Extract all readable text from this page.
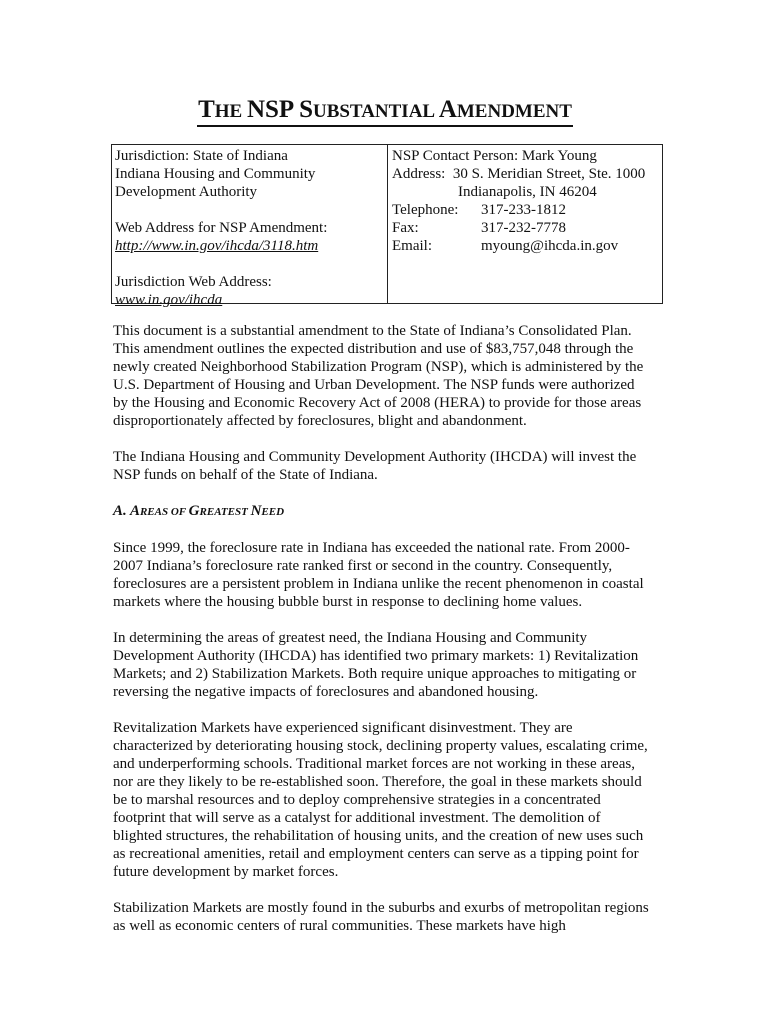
THE NSP SUBSTANTIAL AMENDMENT
Jurisdiction: State of Indiana
Indiana Housing and Community
Development Authority
Web Address for NSP Amendment:
http://www.in.gov/ihcda/3118.htm
Jurisdiction Web Address:
www.in.gov/ihcda
NSP Contact Person: Mark Young
Address: 30 S. Meridian Street, Ste. 1000
Indianapolis, IN 46204
Telephone: 317-233-1812
Fax:	317-232-7778
Email:	myoung@ihcda.in.gov

This document is a substantial amendment to the State of Indiana’s Consolidated Plan.
This amendment outlines the expected distribution and use of $83,757,048 through the
newly created Neighborhood Stabilization Program (NSP), which is administered by the
U.S. Department of Housing and Urban Development. The NSP funds were authorized
by the Housing and Economic Recovery Act of 2008 (HERA) to provide for those areas
disproportionately affected by foreclosures, blight and abandonment.

The Indiana Housing and Community Development Authority (IHCDA) will invest the
NSP funds on behalf of the State of Indiana.

A. AREAS OF GREATEST NEED

Since 1999, the foreclosure rate in Indiana has exceeded the national rate. From 2000-
2007 Indiana’s foreclosure rate ranked first or second in the country. Consequently,
foreclosures are a persistent problem in Indiana unlike the recent phenomenon in coastal
markets where the housing bubble burst in response to declining home values.

In determining the areas of greatest need, the Indiana Housing and Community
Development Authority (IHCDA) has identified two primary markets: 1) Revitalization
Markets; and 2) Stabilization Markets. Both require unique approaches to mitigating or
reversing the negative impacts of foreclosures and abandoned housing.

Revitalization Markets have experienced significant disinvestment. They are
characterized by deteriorating housing stock, declining property values, escalating crime,
and underperforming schools. Traditional market forces are not working in these areas,
nor are they likely to be re-established soon. Therefore, the goal in these markets should
be to marshal resources and to deploy comprehensive strategies in a concentrated
footprint that will serve as a catalyst for additional investment. The demolition of
blighted structures, the rehabilitation of housing units, and the creation of new uses such
as recreational amenities, retail and employment centers can serve as a tipping point for
future development by market forces.

Stabilization Markets are mostly found in the suburbs and exurbs of metropolitan regions
as well as economic centers of rural communities. These markets have high
